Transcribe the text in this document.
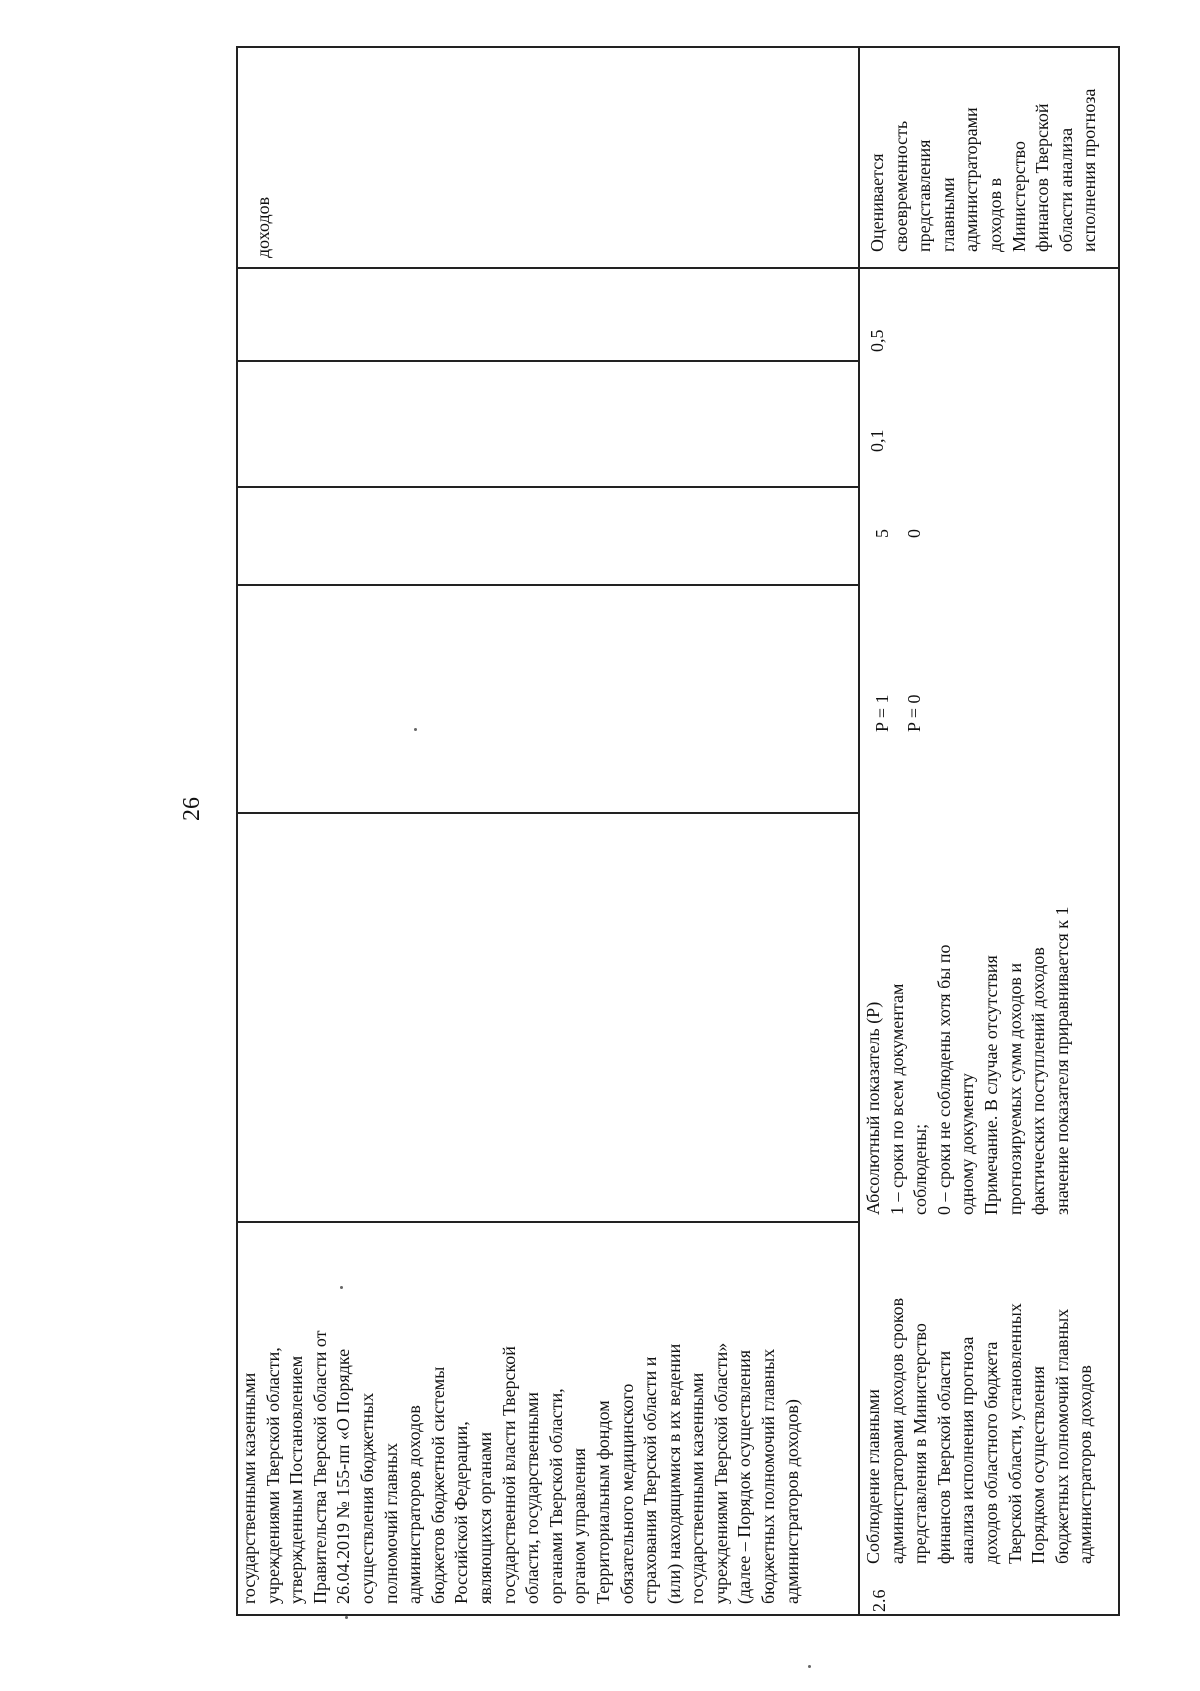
26
государственными казенными учреждениями Тверской области, утвержденным Постановлением Правительства Тверской области от 26.04.2019 № 155-пп «О Порядке осуществления бюджетных полномочий главных администраторов доходов бюджетов бюджетной системы Российской Федерации, являющихся органами государственной власти Тверской области, государственными органами Тверской области, органом управления Территориальным фондом обязательного медицинского страхования Тверской области и (или) находящимися в их ведении государственными казенными учреждениями Тверской области» (далее – Порядок осуществления бюджетных полномочий главных администраторов доходов)
доходов
2.6
Соблюдение главными администраторами доходов сроков представления в Министерство финансов Тверской области анализа исполнения прогноза доходов областного бюджета Тверской области, установленных Порядком осуществления бюджетных полномочий главных администраторов доходов
Абсолютный показатель (P) 1 – сроки по всем документам соблюдены; 0 – сроки не соблюдены хотя бы по одному документу Примечание. В случае отсутствия прогнозируемых сумм доходов и фактических поступлений доходов значение показателя приравнивается к 1
P = 1 P = 0
5 0
0,1
0,5
Оценивается своевременность представления главными администраторами доходов в Министерство финансов Тверской области анализа исполнения прогноза
